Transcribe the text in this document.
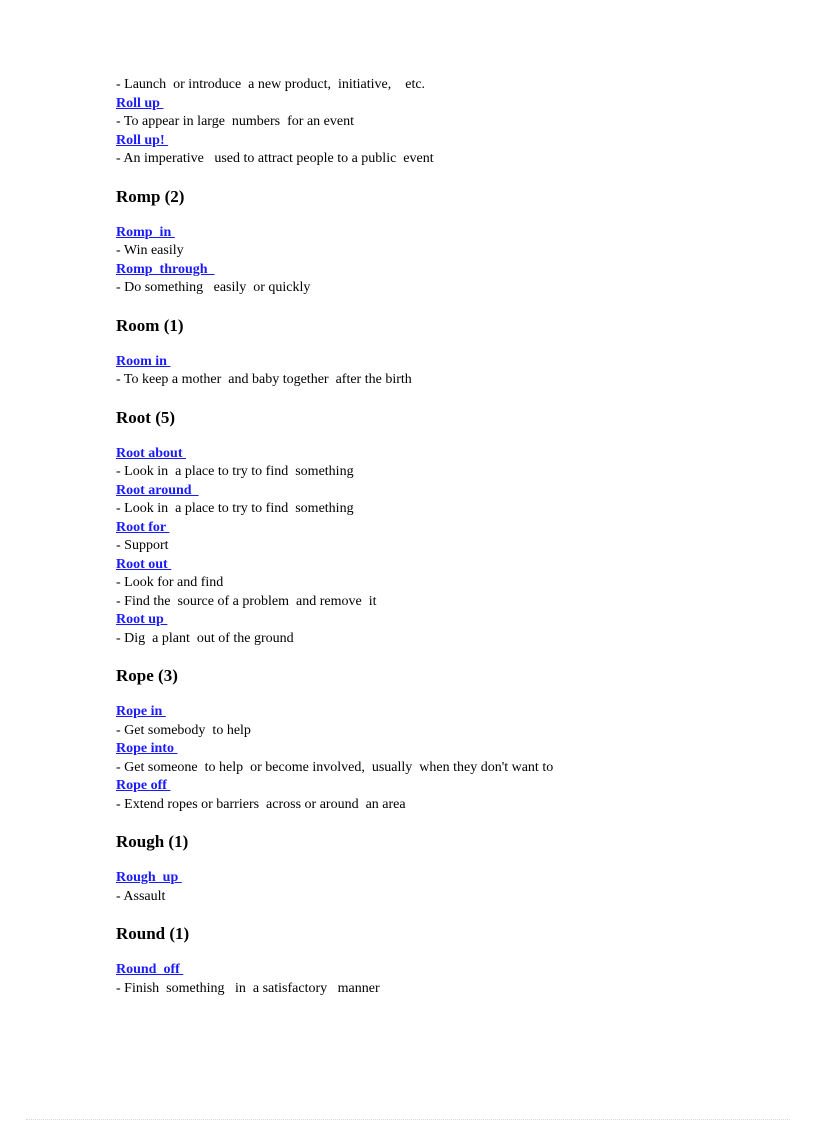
- Launch  or introduce  a new product,  initiative,    etc.
Roll up
- To appear in large  numbers  for an event
Roll up!
- An imperative   used to attract people to a public  event
Romp (2)
Romp  in
- Win easily
Romp  through
- Do something   easily  or quickly
Room (1)
Room in
- To keep a mother  and baby together  after the birth
Root (5)
Root about
- Look in  a place to try to find  something
Root around
- Look in  a place to try to find  something
Root for
- Support
Root out
- Look for and find
- Find the  source of a problem  and remove  it
Root up
- Dig  a plant  out of the ground
Rope (3)
Rope in
- Get somebody  to help
Rope into
- Get someone  to help  or become involved,  usually  when they don't want to
Rope off
- Extend ropes or barriers  across or around  an area
Rough (1)
Rough  up
- Assault
Round (1)
Round  off
- Finish  something   in  a satisfactory   manner
